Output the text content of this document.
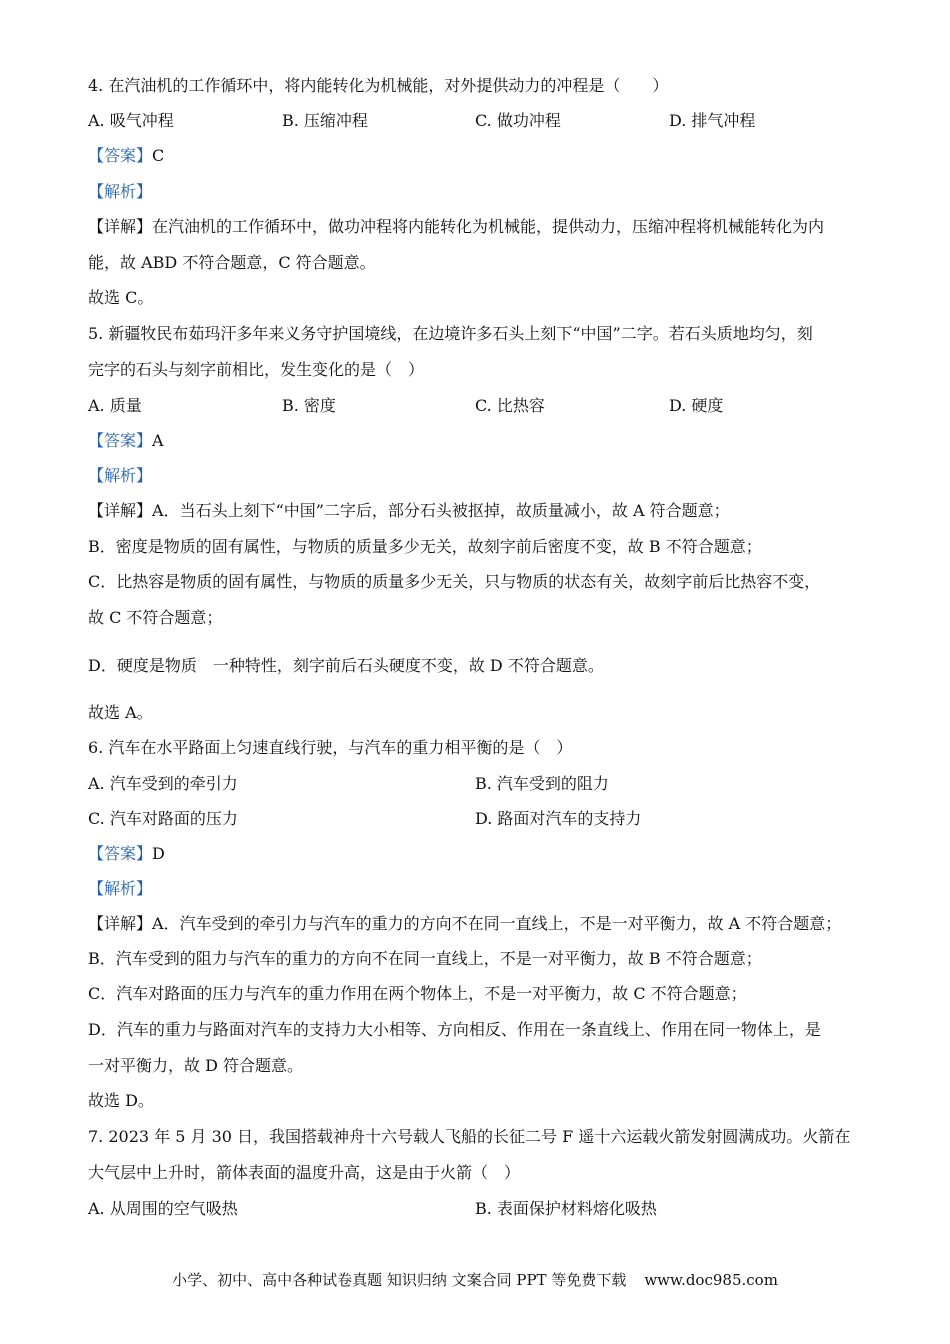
4. 在汽油机的工作循环中，将内能转化为机械能，对外提供动力的冲程是（　　）
A. 吸气冲程	B. 压缩冲程	C. 做功冲程	D. 排气冲程
【答案】C
【解析】
【详解】在汽油机的工作循环中，做功冲程将内能转化为机械能，提供动力，压缩冲程将机械能转化为内
能，故 ABD 不符合题意，C 符合题意。
故选 C。
5. 新疆牧民布茹玛汗多年来义务守护国境线，在边境许多石头上刻下“中国”二字。若石头质地均匀，刻
完字的石头与刻字前相比，发生变化的是（　）
A. 质量	B. 密度	C. 比热容	D. 硬度
【答案】A
【解析】
【详解】A．当石头上刻下“中国”二字后，部分石头被抠掉，故质量减小，故 A 符合题意；
B．密度是物质的固有属性，与物质的质量多少无关，故刻字前后密度不变，故 B 不符合题意；
C．比热容是物质的固有属性，与物质的质量多少无关，只与物质的状态有关，故刻字前后比热容不变，
故 C 不符合题意；
D．硬度是物质　一种特性，刻字前后石头硬度不变，故 D 不符合题意。
故选 A。
6. 汽车在水平路面上匀速直线行驶，与汽车的重力相平衡的是（　）
A. 汽车受到的牵引力	B. 汽车受到的阻力
C. 汽车对路面的压力	D. 路面对汽车的支持力
【答案】D
【解析】
【详解】A．汽车受到的牵引力与汽车的重力的方向不在同一直线上，不是一对平衡力，故 A 不符合题意；
B．汽车受到的阻力与汽车的重力的方向不在同一直线上，不是一对平衡力，故 B 不符合题意；
C．汽车对路面的压力与汽车的重力作用在两个物体上，不是一对平衡力，故 C 不符合题意；
D．汽车的重力与路面对汽车的支持力大小相等、方向相反、作用在一条直线上、作用在同一物体上，是
一对平衡力，故 D 符合题意。
故选 D。
7. 2023 年 5 月 30 日，我国搭载神舟十六号载人飞船的长征二号 F 遥十六运载火箭发射圆满成功。火箭在
大气层中上升时，箭体表面的温度升高，这是由于火箭（　）
A. 从周围的空气吸热	B. 表面保护材料熔化吸热
小学、初中、高中各种试卷真题 知识归纳 文案合同 PPT 等免费下载 www.doc985.com
